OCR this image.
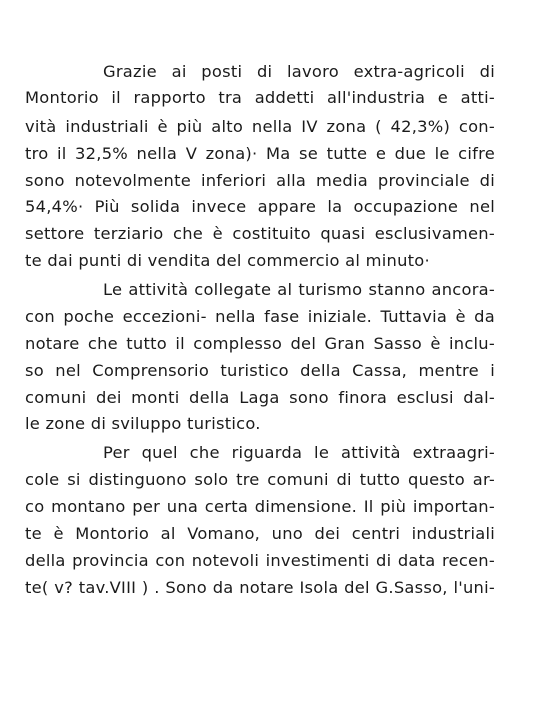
Grazie ai posti di lavoro extra-agricoli di
Montorio il rapporto tra addetti all'industria e atti-
vità industriali è più alto nella IV zona ( 42,3%) con-
tro il 32,5% nella V zona)· Ma se tutte e due le cifre
sono notevolmente inferiori alla media provinciale di
54,4%· Più solida invece appare la occupazione nel
settore terziario che è costituito quasi esclusivamen-
te dai punti di vendita del commercio al minuto·
Le attività collegate al turismo stanno ancora-
con poche eccezioni- nella fase iniziale. Tuttavia è da
notare che tutto il complesso del Gran Sasso è inclu-
so nel Comprensorio turistico della Cassa, mentre i
comuni dei monti della Laga sono finora esclusi dal-
le zone di sviluppo turistico.
Per quel che riguarda le attività extraagri-
cole si distinguono solo tre comuni di tutto questo ar-
co montano per una certa dimensione. Il più importan-
te è Montorio al Vomano, uno dei centri industriali
della provincia con notevoli investimenti di data recen-
te( v? tav.VIII ) . Sono da notare Isola del G.Sasso, l'uni-
